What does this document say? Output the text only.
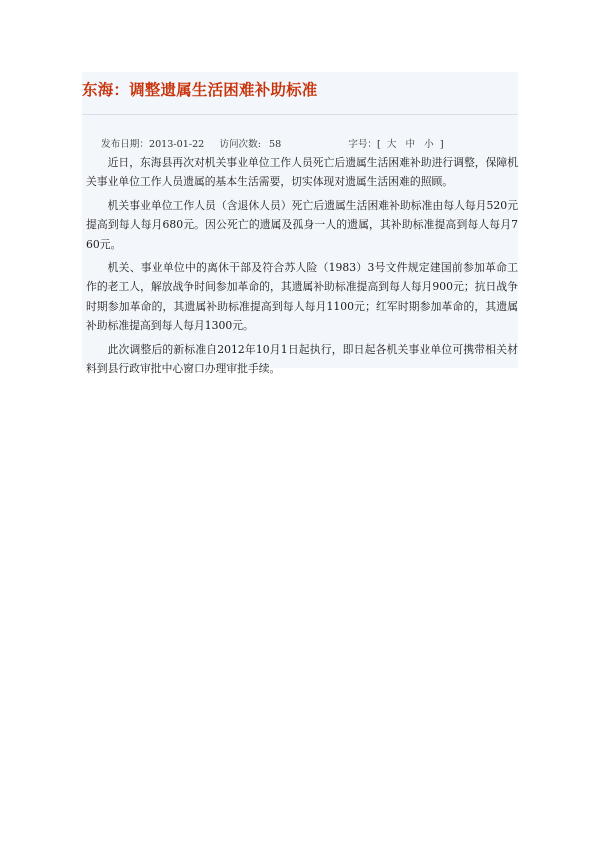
东海：调整遗属生活困难补助标准
发布日期：2013-01-22 访问次数: 58	字号：[ 大 中 小 ]

近日，东海县再次对机关事业单位工作人员死亡后遗属生活困难补助进行调整，保障机关事业单位工作人员遗属的基本生活需要，切实体现对遗属生活困难的照顾。

机关事业单位工作人员（含退休人员）死亡后遗属生活困难补助标准由每人每月520元提高到每人每月680元。因公死亡的遗属及孤身一人的遗属，其补助标准提高到每人每月760元。

机关、事业单位中的离休干部及符合苏人险（1983）3号文件规定建国前参加革命工作的老工人，解放战争时间参加革命的，其遗属补助标准提高到每人每月900元；抗日战争时期参加革命的，其遗属补助标准提高到每人每月1100元；红军时期参加革命的，其遗属补助标准提高到每人每月1300元。

此次调整后的新标准自2012年10月1日起执行，即日起各机关事业单位可携带相关材料到县行政审批中心窗口办理审批手续。
